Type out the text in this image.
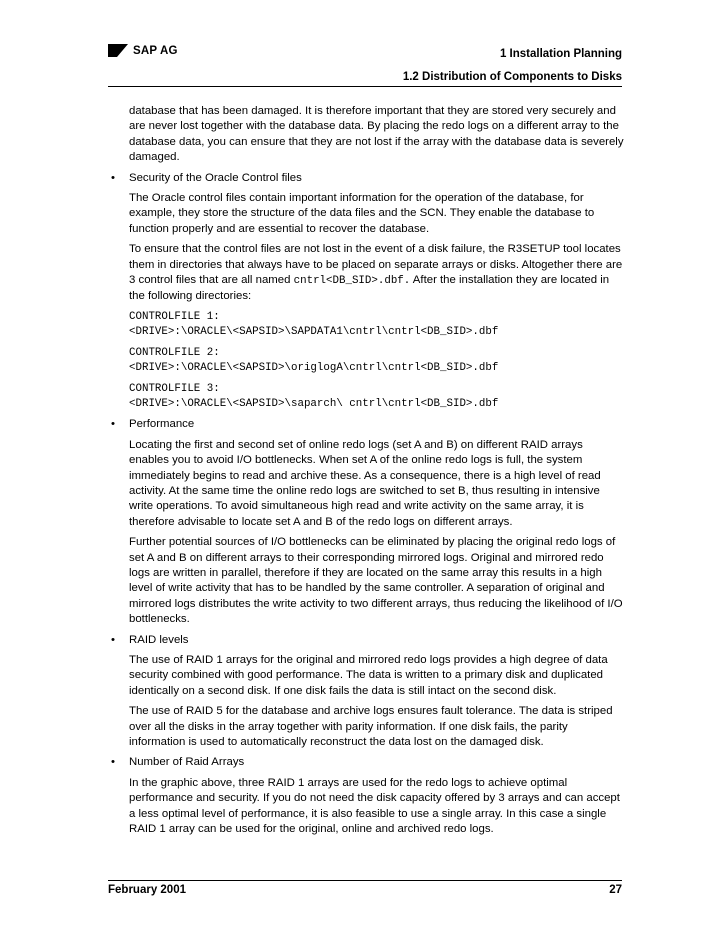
SAP AG	1 Installation Planning
1.2 Distribution of Components to Disks

database that has been damaged. It is therefore important that they are stored very securely and are never lost together with the database data. By placing the redo logs on a different array to the database data, you can ensure that they are not lost if the array with the database data is severely damaged.

• Security of the Oracle Control files

The Oracle control files contain important information for the operation of the database, for example, they store the structure of the data files and the SCN. They enable the database to function properly and are essential to recover the database.

To ensure that the control files are not lost in the event of a disk failure, the R3SETUP tool locates them in directories that always have to be placed on separate arrays or disks. Altogether there are 3 control files that are all named cntrl<DB_SID>.dbf. After the installation they are located in the following directories:

CONTROLFILE 1:
<DRIVE>:\ORACLE\<SAPSID>\SAPDATA1\cntrl\cntrl<DB_SID>.dbf
CONTROLFILE 2:
<DRIVE>:\ORACLE\<SAPSID>\origlogA\cntrl\cntrl<DB_SID>.dbf
CONTROLFILE 3:
<DRIVE>:\ORACLE\<SAPSID>\saparch\ cntrl\cntrl<DB_SID>.dbf
• Performance

Locating the first and second set of online redo logs (set A and B) on different RAID arrays enables you to avoid I/O bottlenecks. When set A of the online redo logs is full, the system immediately begins to read and archive these. As a consequence, there is a high level of read activity. At the same time the online redo logs are switched to set B, thus resulting in intensive write operations. To avoid simultaneous high read and write activity on the same array, it is therefore advisable to locate set A and B of the redo logs on different arrays.

Further potential sources of I/O bottlenecks can be eliminated by placing the original redo logs of set A and B on different arrays to their corresponding mirrored logs. Original and mirrored redo logs are written in parallel, therefore if they are located on the same array this results in a high level of write activity that has to be handled by the same controller. A separation of original and mirrored logs distributes the write activity to two different arrays, thus reducing the likelihood of I/O bottlenecks.

• RAID levels

The use of RAID 1 arrays for the original and mirrored redo logs provides a high degree of data security combined with good performance. The data is written to a primary disk and duplicated identically on a second disk. If one disk fails the data is still intact on the second disk.

The use of RAID 5 for the database and archive logs ensures fault tolerance. The data is striped over all the disks in the array together with parity information. If one disk fails, the parity information is used to automatically reconstruct the data lost on the damaged disk.

• Number of Raid Arrays

In the graphic above, three RAID 1 arrays are used for the redo logs to achieve optimal performance and security. If you do not need the disk capacity offered by 3 arrays and can accept a less optimal level of performance, it is also feasible to use a single array. In this case a single RAID 1 array can be used for the original, online and archived redo logs.

February 2001	27
